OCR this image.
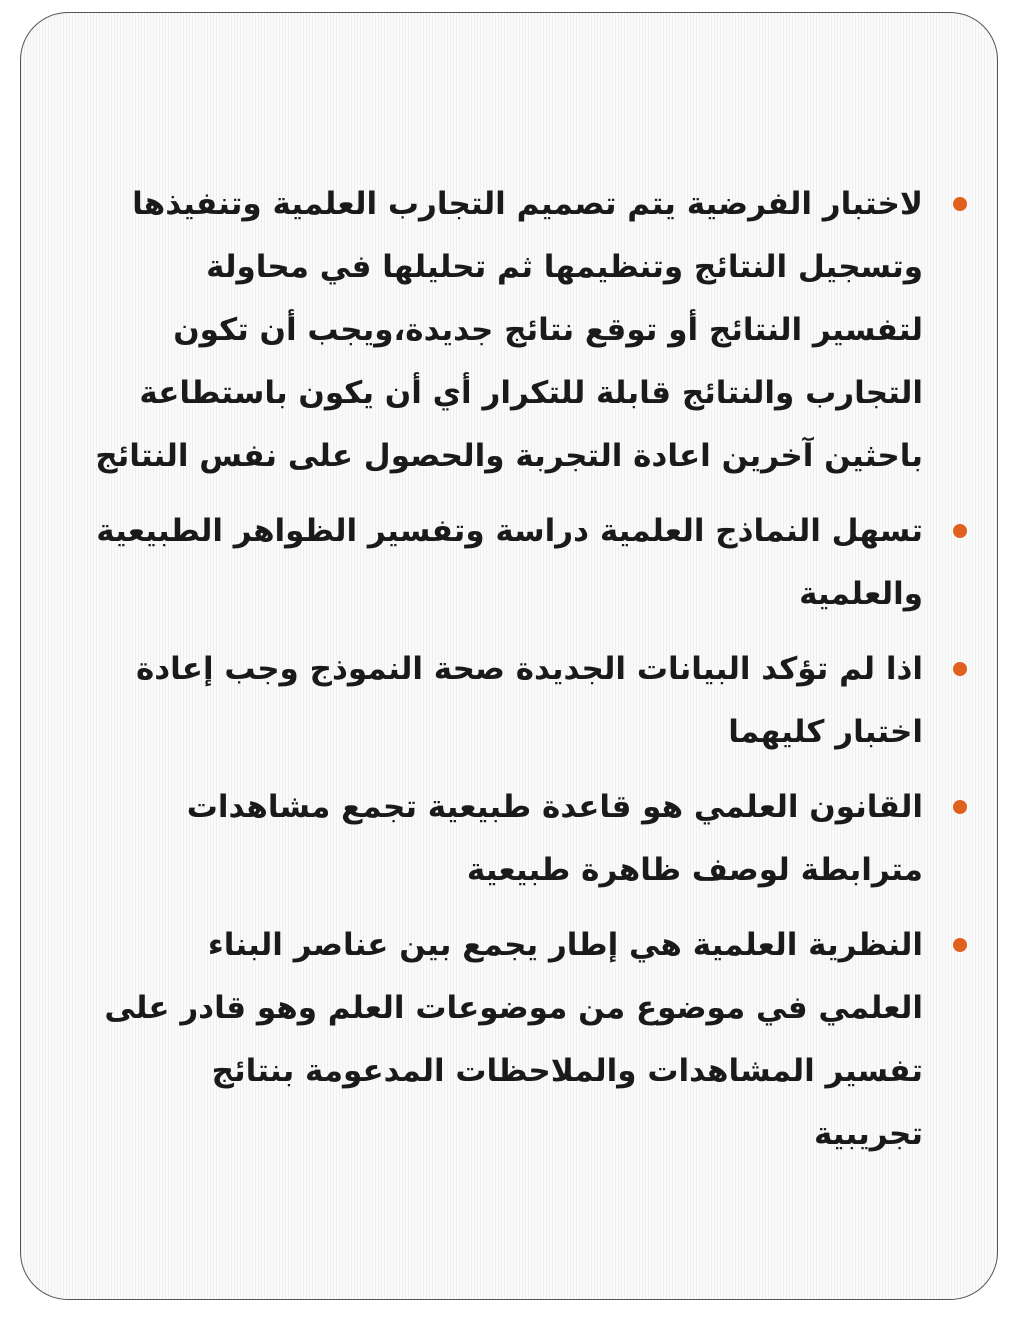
لاختبار الفرضية يتم تصميم التجارب العلمية وتنفيذها وتسجيل النتائج وتنظيمها ثم تحليلها في محاولة لتفسير النتائج أو توقع نتائج جديدة،ويجب أن تكون التجارب والنتائج قابلة للتكرار أي أن يكون باستطاعة باحثين آخرين اعادة التجربة والحصول على نفس النتائج
تسهل النماذج العلمية دراسة وتفسير الظواهر الطبيعية والعلمية
اذا لم تؤكد البيانات الجديدة صحة النموذج وجب إعادة اختبار كليهما
القانون العلمي هو قاعدة طبيعية تجمع مشاهدات مترابطة لوصف ظاهرة طبيعية
النظرية العلمية هي إطار يجمع بين عناصر البناء العلمي في موضوع من موضوعات العلم وهو قادر على تفسير المشاهدات والملاحظات المدعومة بنتائج تجريبية
